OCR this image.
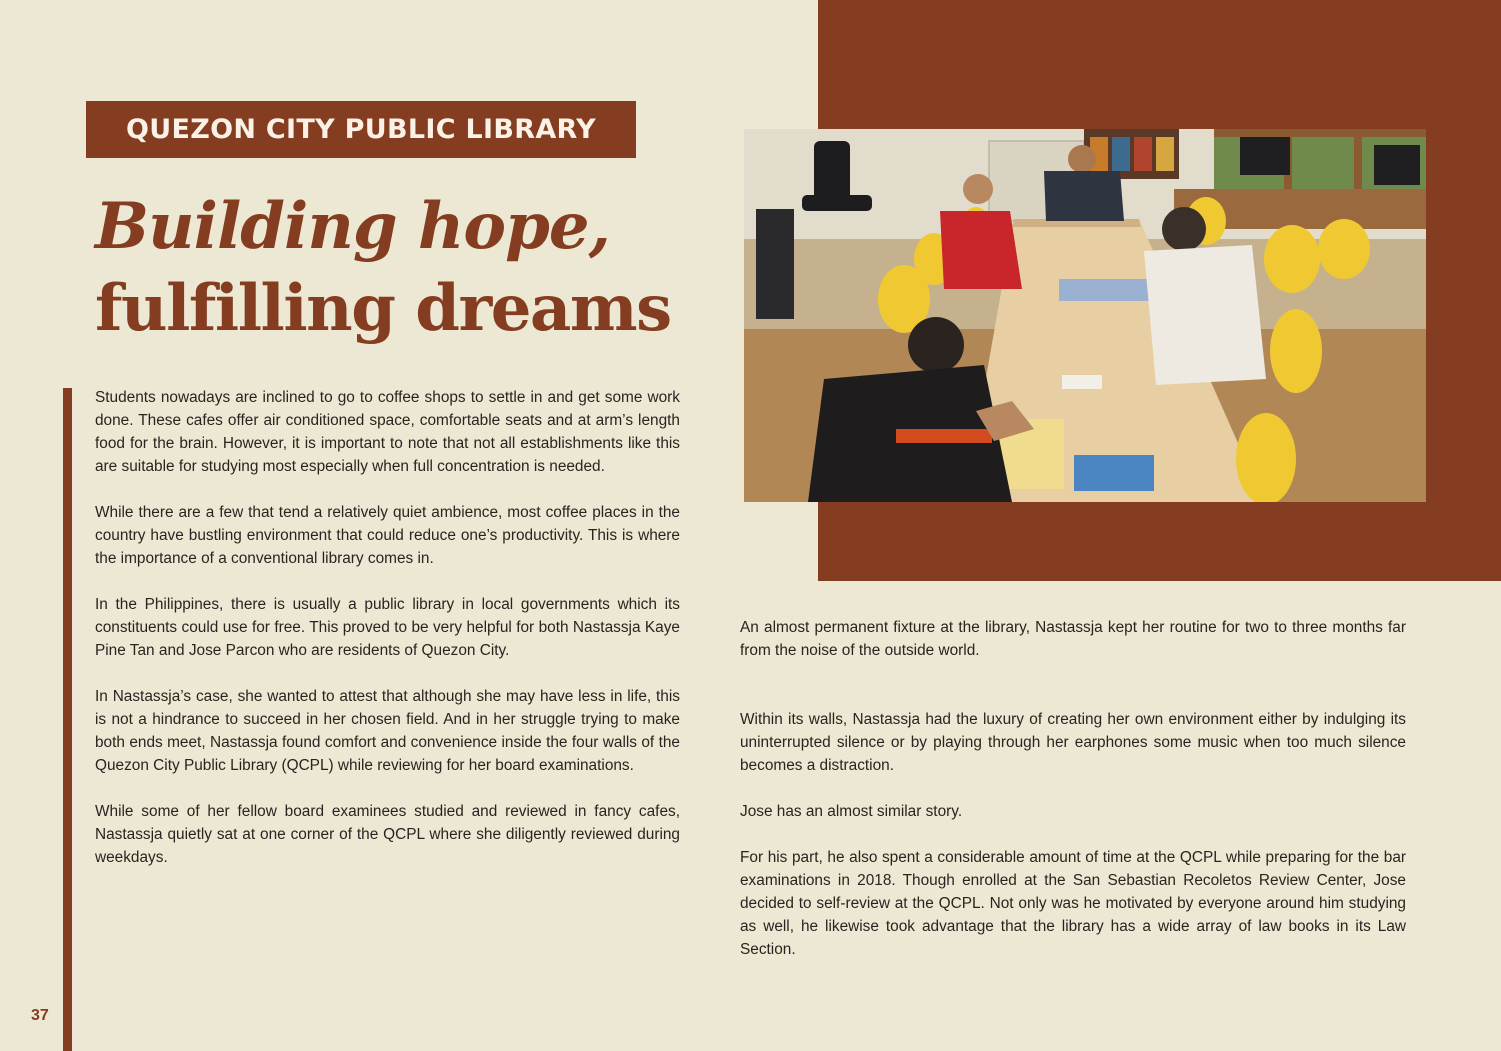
QUEZON CITY PUBLIC LIBRARY
Building hope,
fulfilling dreams

Students nowadays are inclined to go to coffee shops to settle in and get some work done. These cafes offer air conditioned space, comfortable seats and at arm’s length food for the brain. However, it is important to note that not all establishments like this are suitable for studying most especially when full concentration is needed.

While there are a few that tend a relatively quiet ambience, most coffee places in the country have bustling environment that could reduce one’s productivity. This is where the importance of a conventional library comes in.

In the Philippines, there is usually a public library in local governments which its constituents could use for free. This proved to be very helpful for both Nastassja Kaye Pine Tan and Jose Parcon who are residents of Quezon City.

In Nastassja’s case, she wanted to attest that although she may have less in life, this is not a hindrance to succeed in her chosen field. And in her struggle trying to make both ends meet, Nastassja found comfort and convenience inside the four walls of the Quezon City Public Library (QCPL) while reviewing for her board examinations.

While some of her fellow board examinees studied and reviewed in fancy cafes, Nastassja quietly sat at one corner of the QCPL where she diligently reviewed during weekdays.

An almost permanent fixture at the library, Nastassja kept her routine for two to three months far from the noise of the outside world.

Within its walls, Nastassja had the luxury of creating her own environment either by indulging its uninterrupted silence or by playing through her earphones some music when too much silence becomes a distraction.

Jose has an almost similar story.

For his part, he also spent a considerable amount of time at the QCPL while preparing for the bar examinations in 2018. Though enrolled at the San Sebastian Recoletos Review Center, Jose decided to self-review at the QCPL. Not only was he motivated by everyone around him studying as well, he likewise took advantage that the library has a wide array of law books in its Law Section.

37
